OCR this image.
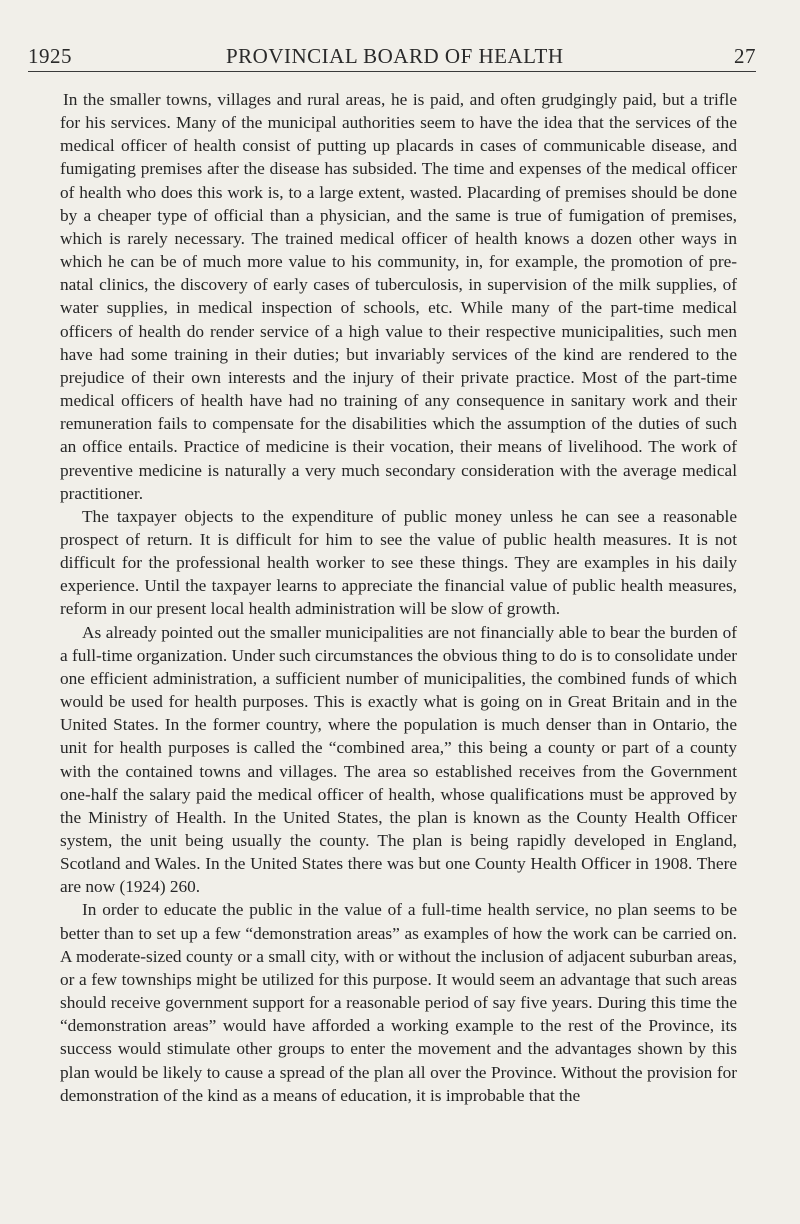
1925	PROVINCIAL BOARD OF HEALTH	27

In the smaller towns, villages and rural areas, he is paid, and often grudgingly paid, but a trifle for his services. Many of the municipal authorities seem to have the idea that the services of the medical officer of health consist of putting up placards in cases of communicable disease, and fumigating premises after the disease has subsided. The time and expenses of the medical officer of health who does this work is, to a large extent, wasted. Placarding of premises should be done by a cheaper type of official than a physician, and the same is true of fumigation of premises, which is rarely necessary. The trained medical officer of health knows a dozen other ways in which he can be of much more value to his community, in, for example, the promotion of pre-natal clinics, the discovery of early cases of tuberculosis, in supervision of the milk supplies, of water supplies, in medical inspection of schools, etc. While many of the part-time medical officers of health do render service of a high value to their respective municipalities, such men have had some training in their duties; but invariably services of the kind are rendered to the prejudice of their own interests and the injury of their private practice. Most of the part-time medical officers of health have had no training of any consequence in sanitary work and their remuneration fails to compensate for the disabilities which the assumption of the duties of such an office entails. Practice of medicine is their vocation, their means of livelihood. The work of preventive medicine is naturally a very much secondary consideration with the average medical practitioner.

The taxpayer objects to the expenditure of public money unless he can see a reasonable prospect of return. It is difficult for him to see the value of public health measures. It is not difficult for the professional health worker to see these things. They are examples in his daily experience. Until the taxpayer learns to appreciate the financial value of public health measures, reform in our present local health administration will be slow of growth.

As already pointed out the smaller municipalities are not financially able to bear the burden of a full-time organization. Under such circumstances the obvious thing to do is to consolidate under one efficient administration, a sufficient number of municipalities, the combined funds of which would be used for health purposes. This is exactly what is going on in Great Britain and in the United States. In the former country, where the population is much denser than in Ontario, the unit for health purposes is called the “combined area,” this being a county or part of a county with the contained towns and villages. The area so established receives from the Government one-half the salary paid the medical officer of health, whose qualifications must be approved by the Ministry of Health. In the United States, the plan is known as the County Health Officer system, the unit being usually the county. The plan is being rapidly developed in England, Scotland and Wales. In the United States there was but one County Health Officer in 1908. There are now (1924) 260.

In order to educate the public in the value of a full-time health service, no plan seems to be better than to set up a few “demonstration areas” as examples of how the work can be carried on. A moderate-sized county or a small city, with or without the inclusion of adjacent suburban areas, or a few townships might be utilized for this purpose. It would seem an advantage that such areas should receive government support for a reasonable period of say five years. During this time the “demonstration areas” would have afforded a working example to the rest of the Province, its success would stimulate other groups to enter the movement and the advantages shown by this plan would be likely to cause a spread of the plan all over the Province. Without the provision for demonstration of the kind as a means of education, it is improbable that the
